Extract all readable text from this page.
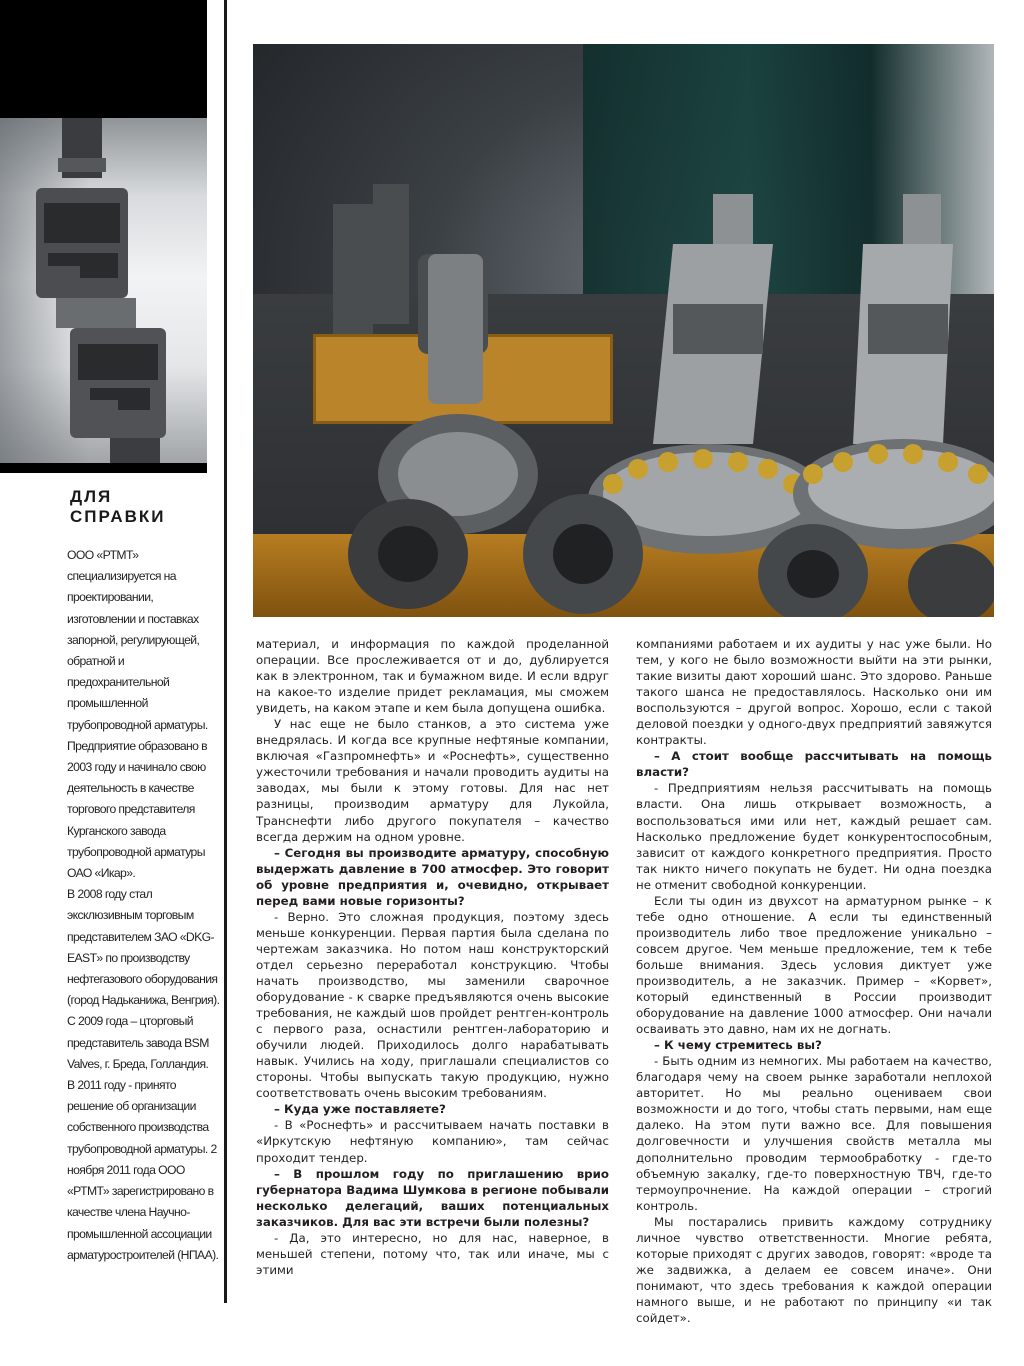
ДЛЯ
СПРАВКИ

ООО «РТМТ» специализируется на проектировании, изготовлении и поставках запорной, регулирующей, обратной и предохранительной промышленной трубопроводной арматуры.

Предприятие образовано в 2003 году и начинало свою деятельность в качестве торгового представителя Курганского завода трубопроводной арматуры ОАО «Икар».

В 2008 году стал эксклюзивным торговым представителем ЗАО «DKG-EAST» по производству нефтегазового оборудования (город Надьканижа, Венгрия).

С 2009 года – цторговый представитель завода BSM Valves, г. Бреда, Голландия.

В 2011 году - принято решение об организации собственного производства трубопроводной арматуры. 2 ноября 2011 года ООО «РТМТ» зарегистрировано в качестве члена Научно-промышленной ассоциации арматуростроителей (НПАА).

материал, и информация по каждой проделанной операции. Все прослеживается от и до, дублируется как в электронном, так и бумажном виде. И если вдруг на какое-то изделие придет рекламация, мы сможем увидеть, на каком этапе и кем была допущена ошибка.

У нас еще не было станков, а это система уже внедрялась. И когда все крупные нефтяные компании, включая «Газпромнефть» и «Роснефть», существенно ужесточили требования и начали проводить аудиты на заводах, мы были к этому готовы. Для нас нет разницы, производим арматуру для Лукойла, Транснефти либо другого покупателя – качество всегда держим на одном уровне.

– Сегодня вы производите арматуру, способную выдержать давление в 700 атмосфер. Это говорит об уровне предприятия и, очевидно, открывает перед вами новые горизонты?

- Верно. Это сложная продукция, поэтому здесь меньше конкуренции. Первая партия была сделана по чертежам заказчика. Но потом наш конструкторский отдел серьезно переработал конструкцию. Чтобы начать производство, мы заменили сварочное оборудование - к сварке предъявляются очень высокие требования, не каждый шов пройдет рентген-контроль с первого раза, оснастили рентген-лабораторию и обучили людей. Приходилось долго нарабатывать навык. Учились на ходу, приглашали специалистов со стороны. Чтобы выпускать такую продукцию, нужно соответствовать очень высоким требованиям.

– Куда уже поставляете?

- В «Роснефть» и рассчитываем начать поставки в «Иркутскую нефтяную компанию», там сейчас проходит тендер.

– В прошлом году по приглашению врио губернатора Вадима Шумкова в регионе побывали несколько делегаций, ваших потенциальных заказчиков. Для вас эти встречи были полезны?

- Да, это интересно, но для нас, наверное, в меньшей степени, потому что, так или иначе, мы с этими

компаниями работаем и их аудиты у нас уже были. Но тем, у кого не было возможности выйти на эти рынки, такие визиты дают хороший шанс. Это здорово. Раньше такого шанса не предоставлялось. Насколько они им воспользуются – другой вопрос. Хорошо, если с такой деловой поездки у одного-двух предприятий завяжутся контракты.

– А стоит вообще рассчитывать на помощь власти?

- Предприятиям нельзя рассчитывать на помощь власти. Она лишь открывает возможность, а воспользоваться ими или нет, каждый решает сам. Насколько предложение будет конкурентоспособным, зависит от каждого конкретного предприятия. Просто так никто ничего покупать не будет. Ни одна поездка не отменит свободной конкуренции.

Если ты один из двухсот на арматурном рынке – к тебе одно отношение. А если ты единственный производитель либо твое предложение уникально – совсем другое. Чем меньше предложение, тем к тебе больше внимания. Здесь условия диктует уже производитель, а не заказчик. Пример – «Корвет», который единственный в России производит оборудование на давление 1000 атмосфер. Они начали осваивать это давно, нам их не догнать.

– К чему стремитесь вы?

- Быть одним из немногих. Мы работаем на качество, благодаря чему на своем рынке заработали неплохой авторитет. Но мы реально оцениваем свои возможности и до того, чтобы стать первыми, нам еще далеко. На этом пути важно все. Для повышения долговечности и улучшения свойств металла мы дополнительно проводим термообработку - где-то объемную закалку, где-то поверхностную ТВЧ, где-то термоупрочнение. На каждой операции – строгий контроль.

Мы постарались привить каждому сотруднику личное чувство ответственности. Многие ребята, которые приходят с других заводов, говорят: «вроде та же задвижка, а делаем ее совсем иначе». Они понимают, что здесь требования к каждой операции намного выше, и не работают по принципу «и так сойдет».
